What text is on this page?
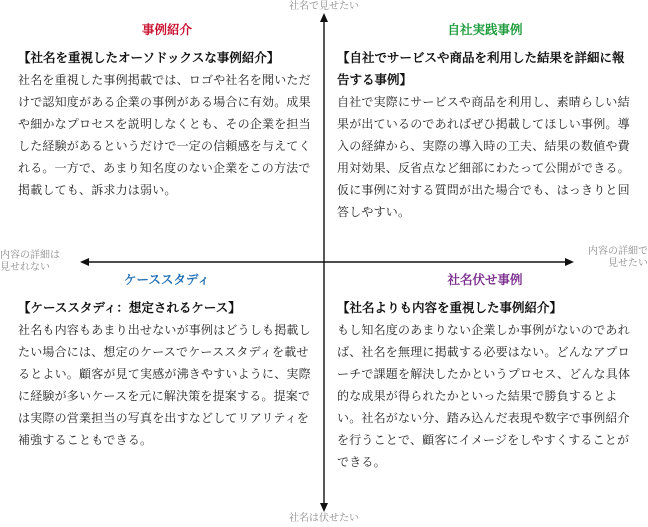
社名で見せたい
社名は伏せたい
内容の詳細は
見せれない
内容の詳細で
見せたい
事例紹介
【社名を重視したオーソドックスな事例紹介】
社名を重視した事例掲載では、ロゴや社名を聞いただけで認知度がある企業の事例がある場合に有効。成果や細かなプロセスを説明しなくとも、その企業を担当した経験があるというだけで一定の信頼感を与えてくれる。一方で、あまり知名度のない企業をこの方法で掲載しても、訴求力は弱い。
自社実践事例
【自社でサービスや商品を利用した結果を詳細に報告する事例】
自社で実際にサービスや商品を利用し、素晴らしい結果が出ているのであればぜひ掲載してほしい事例。導入の経緯から、実際の導入時の工夫、結果の数値や費用対効果、反省点など細部にわたって公開ができる。仮に事例に対する質問が出た場合でも、はっきりと回答しやすい。
ケーススタディ
【ケーススタディ：想定されるケース】
社名も内容もあまり出せないが事例はどうしも掲載したい場合には、想定のケースでケーススタディを載せるとよい。顧客が見て実感が沸きやすいように、実際に経験が多いケースを元に解決策を提案する。提案では実際の営業担当の写真を出すなどしてリアリティを補強することもできる。
社名伏せ事例
【社名よりも内容を重視した事例紹介】
もし知名度のあまりない企業しか事例がないのであれば、社名を無理に掲載する必要はない。どんなアプローチで課題を解決したかというプロセス、どんな具体的な成果が得られたかといった結果で勝負するとよい。社名がない分、踏み込んだ表現や数字で事例紹介を行うことで、顧客にイメージをしやすくすることができる。
